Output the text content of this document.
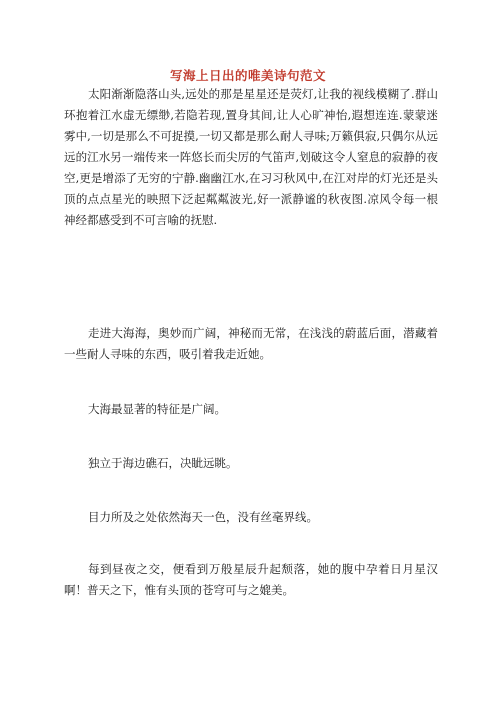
写海上日出的唯美诗句范文

太阳渐渐隐落山头,远处的那是星星还是荧灯,让我的视线模糊了.群山环抱着江水虚无缥缈,若隐若现,置身其间,让人心旷神怡,遐想连连.蒙蒙迷雾中,一切是那么不可捉摸,一切又都是那么耐人寻味;万籁俱寂,只偶尔从远远的江水另一端传来一阵悠长而尖厉的气笛声,划破这令人窒息的寂静的夜空,更是增添了无穷的宁静.幽幽江水,在习习秋风中,在江对岸的灯光还是头顶的点点星光的映照下泛起粼粼波光,好一派静谧的秋夜图.凉风令每一根神经都感受到不可言喻的抚慰.

走进大海海，奥妙而广阔，神秘而无常，在浅浅的蔚蓝后面，潜藏着一些耐人寻味的东西，吸引着我走近她。

大海最显著的特征是广阔。

独立于海边礁石，决眦远眺。

目力所及之处依然海天一色，没有丝毫界线。

每到昼夜之交，便看到万般星辰升起颓落，她的腹中孕着日月星汉啊！普天之下，惟有头顶的苍穹可与之媲美。
